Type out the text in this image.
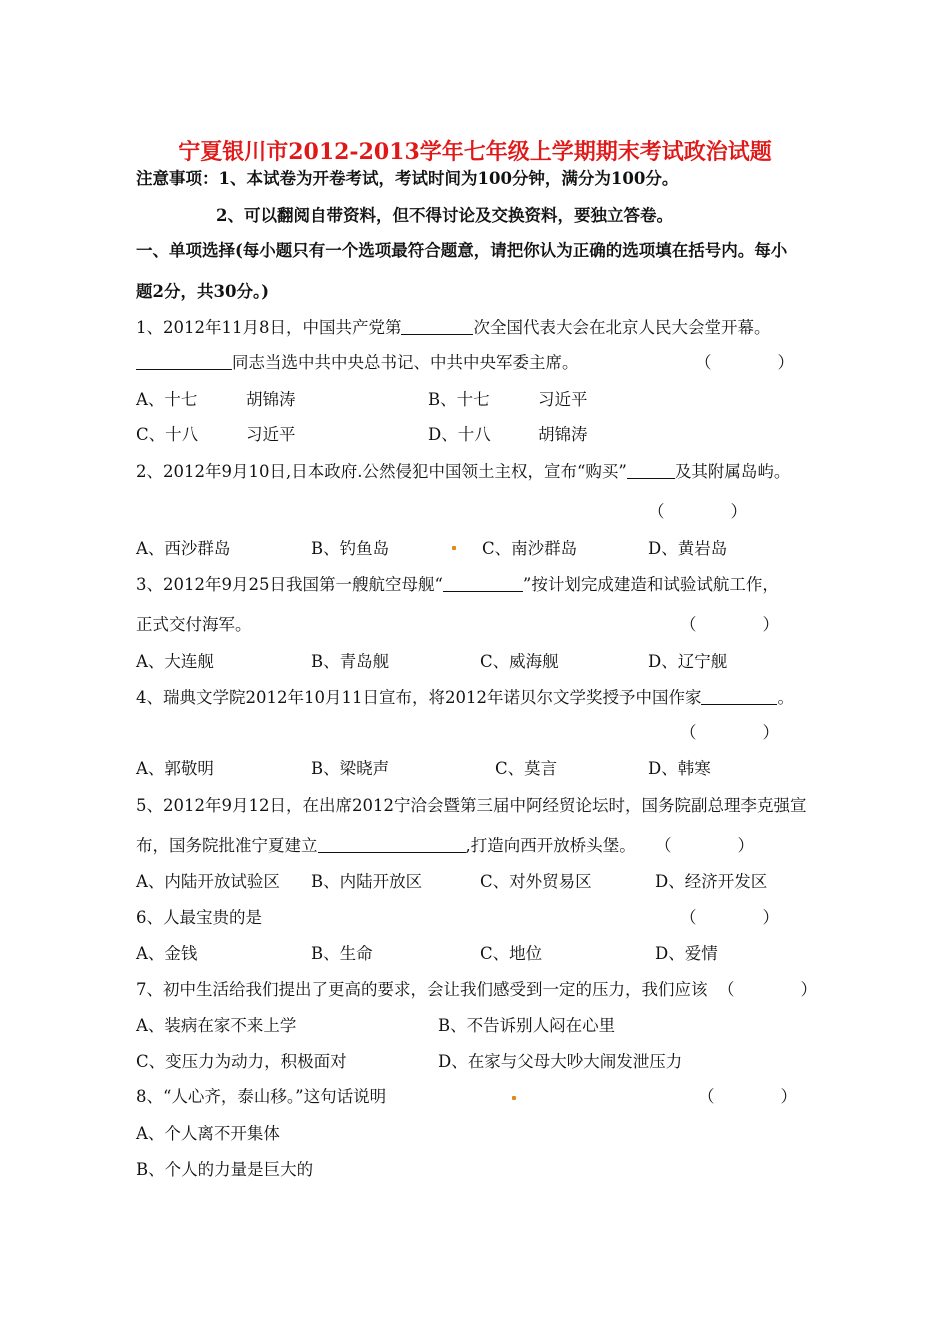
宁夏银川市2012-2013学年七年级上学期期末考试政治试题
注意事项：1、本试卷为开卷考试，考试时间为100分钟，满分为100分。
2、可以翻阅自带资料，但不得讨论及交换资料，要独立答卷。
一、单项选择(每小题只有一个选项最符合题意，请把你认为正确的选项填在括号内。每小
题2分，共30分。)
1、2012年11月8日，中国共产党第	次全国代表大会在北京人民大会堂开幕。
同志当选中共中央总书记、中共中央军委主席。	（　　　　）
A、十七	胡锦涛	B、十七	习近平
C、十八	习近平	D、十八	胡锦涛
2、2012年9月10日,日本政府.公然侵犯中国领土主权，宣布“购买”	及其附属岛屿。
（　　　　）
A、西沙群岛	B、钓鱼岛	C、南沙群岛	D、黄岩岛
3、2012年9月25日我国第一艘航空母舰“	”按计划完成建造和试验试航工作，
正式交付海军。	（　　　　）
A、大连舰	B、青岛舰	C、威海舰	D、辽宁舰
4、瑞典文学院2012年10月11日宣布，将2012年诺贝尔文学奖授予中国作家	。
（　　　　）
A、郭敬明	B、梁晓声	C、莫言	D、韩寒
5、2012年9月12日，在出席2012宁洽会暨第三届中阿经贸论坛时，国务院副总理李克强宣
布，国务院批准宁夏建立	,打造向西开放桥头堡。 （　　　　）
A、内陆开放试验区 B、内陆开放区	C、对外贸易区	D、经济开发区
6、人最宝贵的是	（　　　　）
A、金钱	B、生命	C、地位	D、爱情
7、初中生活给我们提出了更高的要求，会让我们感受到一定的压力，我们应该 （　　　　）
A、装病在家不来上学	B、不告诉别人闷在心里
C、变压力为动力，积极面对	D、在家与父母大吵大闹发泄压力
8、“人心齐，泰山移。”这句话说明	（　　　　）
A、个人离不开集体
B、个人的力量是巨大的
